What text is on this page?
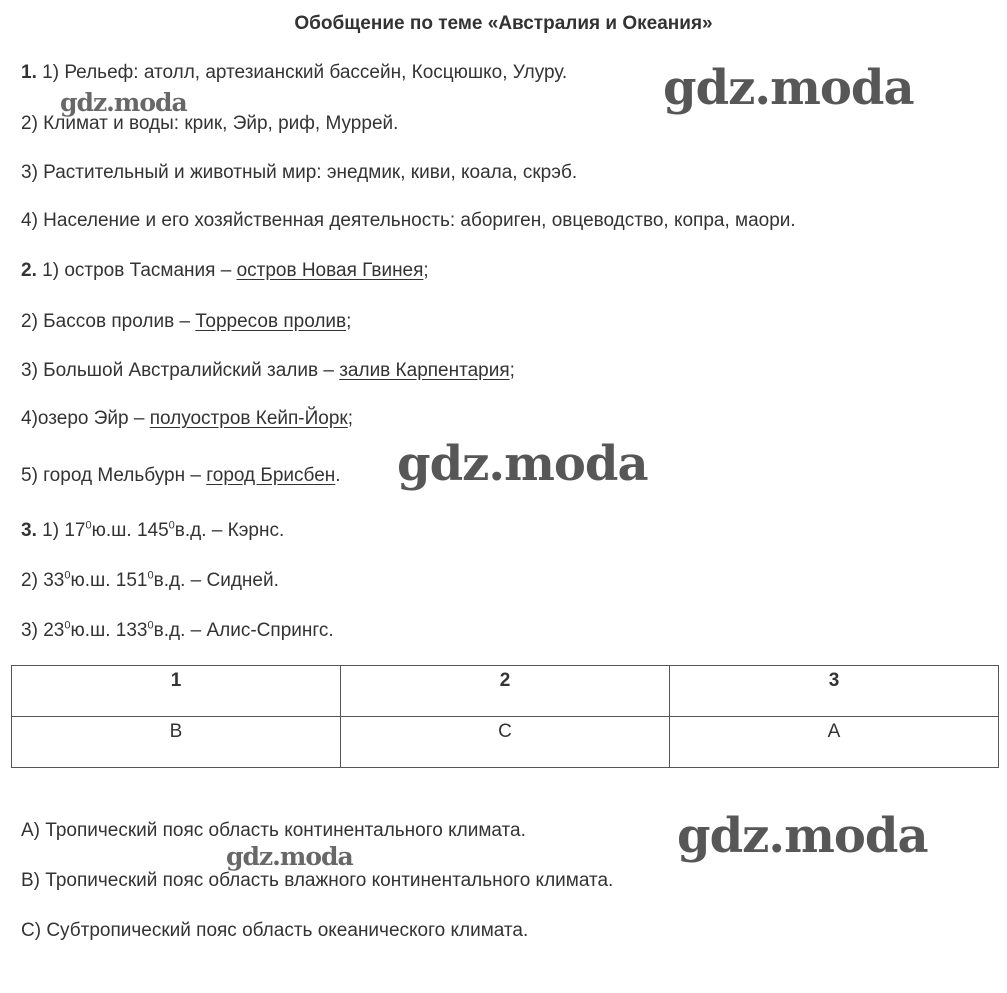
Обобщение по теме «Австралия и Океания»
1. 1) Рельеф: атолл, артезианский бассейн, Косцюшко, Улуру.
2) Климат и воды: крик, Эйр, риф, Муррей.
3) Растительный и животный мир: энедмик, киви, коала, скрэб.
4) Население и его хозяйственная деятельность: абориген, овцеводство, копра, маори.
2. 1) остров Тасмания – остров Новая Гвинея;
2) Бассов пролив – Торресов пролив;
3) Большой Австралийский залив – залив Карпентария;
4)озеро Эйр – полуостров Кейп-Йорк;
5) город Мельбурн – город Брисбен.
3. 1) $17^0ю.ш$. $145^0в.д$. – Кэрнс.
2) $33^0ю.ш$. $151^0в.д$. – Сидней.
3) $23^0ю.ш$. $133^0в.д$. – Алис-Спрингс.
1	2	3

B	C	A
A) Тропический пояс область континентального климата.
B) Тропический пояс область влажного континентального климата.
C) Субтропический пояс область океанического климата.
gdz.moda
gdz.moda
gdz.moda
gdz.moda
gdz.moda
